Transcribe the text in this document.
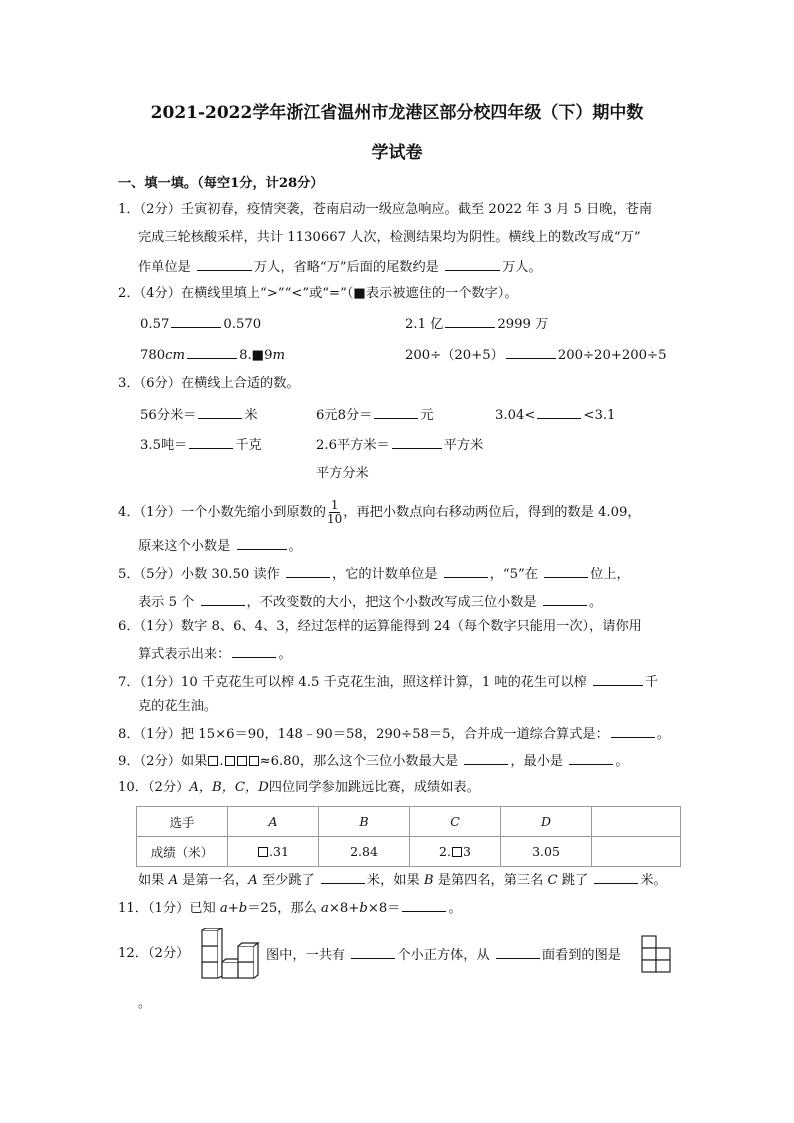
2021-2022学年浙江省温州市龙港区部分校四年级（下）期中数
学试卷
一、填一填。（每空1分，计28分）
1．（2分）壬寅初春，疫情突袭，苍南启动一级应急响应。截至 2022 年 3 月 5 日晚，苍南
完成三轮核酸采样，共计 1130667 人次，检测结果均为阴性。横线上的数改写成“万”
作单位是	万人，省略“万”后面的尾数约是	万人。
2．（4分）在横线里填上“>”“<”或“=”（■表示被遮住的一个数字）。
0.57	0.570	2.1 亿	2999 万
780cm	8.■9m	200÷（20+5）	200÷20+200÷5
3．（6分）在横线上合适的数。
56分米＝	米	6元8分＝	元	3.04<	<3.1
3.5吨＝	千克	2.6平方米＝	平方米
平方分米
4．（1分）一个小数先缩小到原数的 $\frac{1}{10}$ ，再把小数点向右移动两位后，得到的数是 4.09，
原来这个小数是	。
5．（5分）小数 30.50 读作	，它的计数单位是	，“5”在	位上，
表示 5 个	，不改变数的大小，把这个小数改写成三位小数是	。
6．（1分）数字 8、6、4、3，经过怎样的运算能得到 24（每个数字只能用一次），请你用
算式表示出来：	。
7．（1分）10 千克花生可以榨 4.5 千克花生油，照这样计算，1 吨的花生可以榨	千
克的花生油。
8．（1分）把 15×6＝90，148﹣90＝58，290÷58＝5，合并成一道综合算式是：	。
9．（2分）如果 .	≈6.80，那么这个三位小数最大是	，最小是	。
10．（2分）A，B，C，D四位同学参加跳远比赛，成绩如表。
选手	A	B	C	D	
成绩（米）	.31	2.84	2. 3	3.05	
如果 A 是第一名，A 至少跳了	米，如果 B 是第四名，第三名 C 跳了	米。
11．（1分）已知 a+b＝25，那么 a×8+b×8＝	。
12．（2分）	图中，一共有	个小正方体，从	面看到的图是
。
